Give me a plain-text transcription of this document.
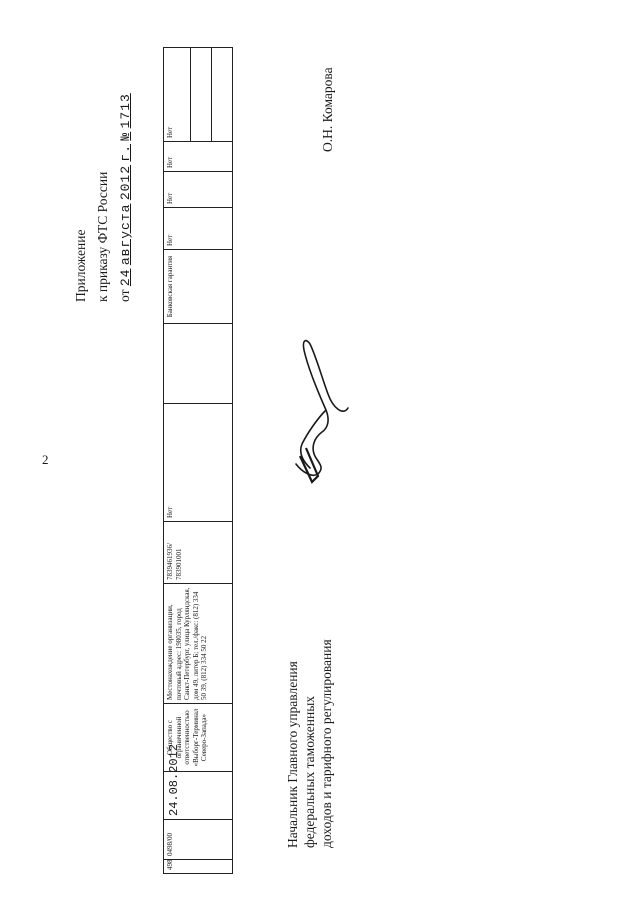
2
Приложение к приказу ФТС России от 24 августа 2012 г. № 1713
498	0498/00	24.08.2012	Общество с ограниченной ответственностью «Выборг-Терминал Северо-Запада»	Местонахождение организации, почтовый адрес: 198035, город Санкт-Петербург, улица Курляндская, дом 49, литер Б; тел./факс: (812) 334 50 39, (812) 334 50 22	7839461936/ 783901001	Нет		Банковская гарантия	Нет	Нет	Нет	Нет	О.Н. Комарова
Начальник Главного управления федеральных таможенных доходов и тарифного регулирования
